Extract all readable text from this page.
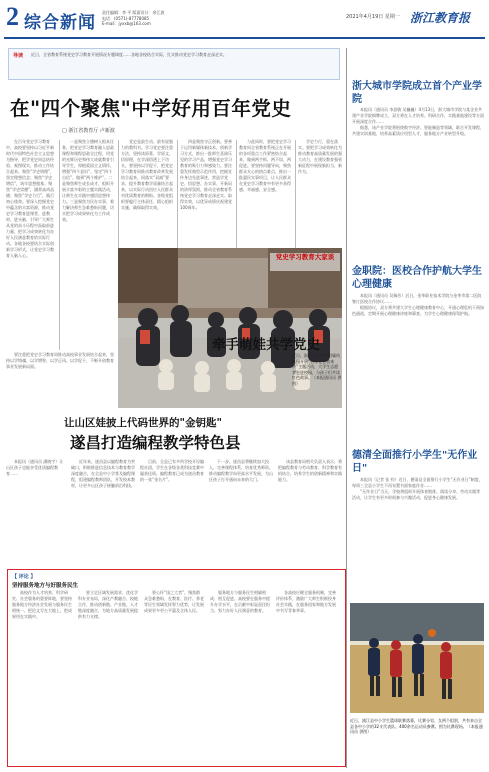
2 综合新闻
责任编辑：李 平 版面设计：余江波
电话：(0571)-87778085
E-mail：jyxxb@163.com
2021年4月19日 星期一 浙江教育报
导读 近日，全省教育系统党史学习教育开展情况专题调度……各地各校结合实际，扎实推动党史学习教育走深走实。
在"四个聚焦"中学好用百年党史
□ 浙江省教育厅 卢新波

在百年党史学习教育中，高校要坚持以习近平新时代中国特色社会主义思想为指导，把学党史同总结经验、观照现实、推动工作结合起来。聚焦“学史明理”，坚定理想信念；聚焦“学史增信”，筑牢思想根基；聚焦“学史崇德”，涵养高尚品德；聚焦“学史力行”，践行初心使命。要深入挖掘党史中蕴含的丰富资源，推动党史学习教育进课堂、进教材、进头脑，引导广大师生从党的奋斗历程中汲取前进力量，把学习成效转化为办好人民满意教育的实际行动。各地各校要结合实际创新学习形式，让党史学习教育入脑入心。

一是聚焦立德树人根本任务，把党史学习教育融入思政课程和课程思政全过程，用党的光辉历史和伟大成就教育引导学生，厚植爱国主义情怀，增强“四个意识”、坚定“四个自信”、做到“两个维护”。二是聚焦师生成长成才，组织开展丰富多彩的主题实践活动，让师生在实践中感悟思想伟力。三是聚焦为民办实事，着力解决师生急难愁盼问题，切实把学习成果转化为工作成效。

党史是最生动、最有说服力的教科书。学习党史要注重方法，坚持读原著、学原文、悟原理，在学深悟透上下功夫。要坚持以学促干，把党史学习教育同推动教育改革发展结合起来，同落实“双减”要求、提升教育教学质量结合起来，以实际行动回应人民群众对优质教育的期盼。各级党组织要履行主体责任，精心组织实施，确保取得实效。

四是聚焦守正创新。要善于运用新媒体新技术，创新学习方式，推出一批师生喜闻乐见的学习产品，增强党史学习教育的吸引力和感染力。要注重发挥典型示范作用，挖掘宣传身边先进事迹，营造学党史、悟思想、办实事、开新局的浓厚氛围，推动全省教育系统党史学习教育走深走实、取得实效，以优异成绩庆祝建党100周年。

与此同时，要把党史学习教育同全省教育系统正在开展的各项重点工作紧密结合起来，做到两手抓、两不误、两促进。要坚持问题导向，聚焦群众关心的热点难点，推出一批惠民实事项目，让人民群众在党史学习教育中有更多获得感、幸福感、安全感。

学史力行，重在落实。要把学习成效转化为推动教育高质量发展的强大动力，在建设教育强省新征程中展现新担当、新作为。

党史学习教育大家谈
牵手萌娃共学党史
近日，浙江工业大学附属幼儿园开展“百年党史我来讲”主题活动，大学生志愿者走进校园，与孩子们共读红色故事。（本报通讯员 供图）

要注重把党史学习教育同推动高校事业发展结合起来，坚持以学铸魂、以学增智、以学正风、以学促干，不断开创教育事业发展新局面。

让山区娃披上代码世界的"金钥匙"
遂昌打造编程教学特色县

本报讯（通讯员 潘晓宇）让山区孩子也能享受优质编程教育……

近年来，遂昌县以编程教育为突破口，积极推进信息技术与教育教学深度融合，在全县中小学普及编程课程，组建编程教师团队，开发校本教材，让更多山区孩子接触前沿科技。

目前，全县已有多所学校开设编程社团，学生在各级各类科技竞赛中屡获佳绩。编程教育已成为遂昌教育的一张“金名片”。

下一步，遂昌县将继续加大投入，完善课程体系，培育优秀师资，推动编程教学向更高水平发展，为山区孩子打开通向未来的大门。

该县教育局相关负责人表示，将把编程教育与劳动教育、科学教育有机结合，培养学生的创新精神和实践能力。

【 评论 】
坚持服务地方与好服务民生

高校作为人才培养、科学研究、社会服务的重要阵地，要坚持服务地方经济社会发展与服务民生相统一，把论文写在大地上，把成果用在实践中。

要立足区域发展需求，优化学科专业布局，深化产教融合、校地合作，推动创新链、产业链、人才链深度融合，为地方高质量发展提供有力支撑。

要心怀“国之大者”，聚焦群众急难愁盼，在教育、医疗、养老等民生领域发挥智力优势，让发展成果更多更公平惠及全体人民。

服务地方与服务民生相辅相成、相互促进。高校要在服务中提升办学水平，在贡献中彰显责任担当，努力办好人民满意的教育。

各高校应健全服务机制，完善评价体系，激励广大师生积极投身社会实践，在服务国家和地方发展中书写青春华章。

浙大城市学院成立首个产业学院

本报讯（通讯员 李思敏 吴巍巍）4月13日，浙大城市学院与某企业共建产业学院揭牌成立，双方将在人才培养、科研合作、实践基地建设等方面开展深度合作……

据悉，该产业学院将围绕数字经济、智能制造等领域，联合开发课程，共建实训基地，培养高素质应用型人才，服务地方产业转型升级。

金职院：医校合作护航大学生心理健康

本报讯（通讯员 吴佩芳）近日，金华职业技术学院与金华市第二医院签订医校合作协议……

根据协议，双方将共建大学生心理健康教育中心，开通心理危机干预绿色通道，定期开展心理健康讲座和筛查，为学生心理健康保驾护航。

德清全面推行小学生"无作业日"

本报讯（记者 张 钧）近日，德清县全面推行小学生“无作业日”制度，每周三全县小学生不再布置书面家庭作业……

“无作业日”当天，学校将组织开展体育锻炼、阅读分享、劳动实践等活动，让学生有更多时间参与兴趣活动，促进身心健康发展。

近日，浦江县中小学生篮球联赛落幕，比赛分男、女两个组别，共有来自全县各中小学的32支代表队、400余名运动员参赛。图为比赛现场。（本报通讯员 供图）
